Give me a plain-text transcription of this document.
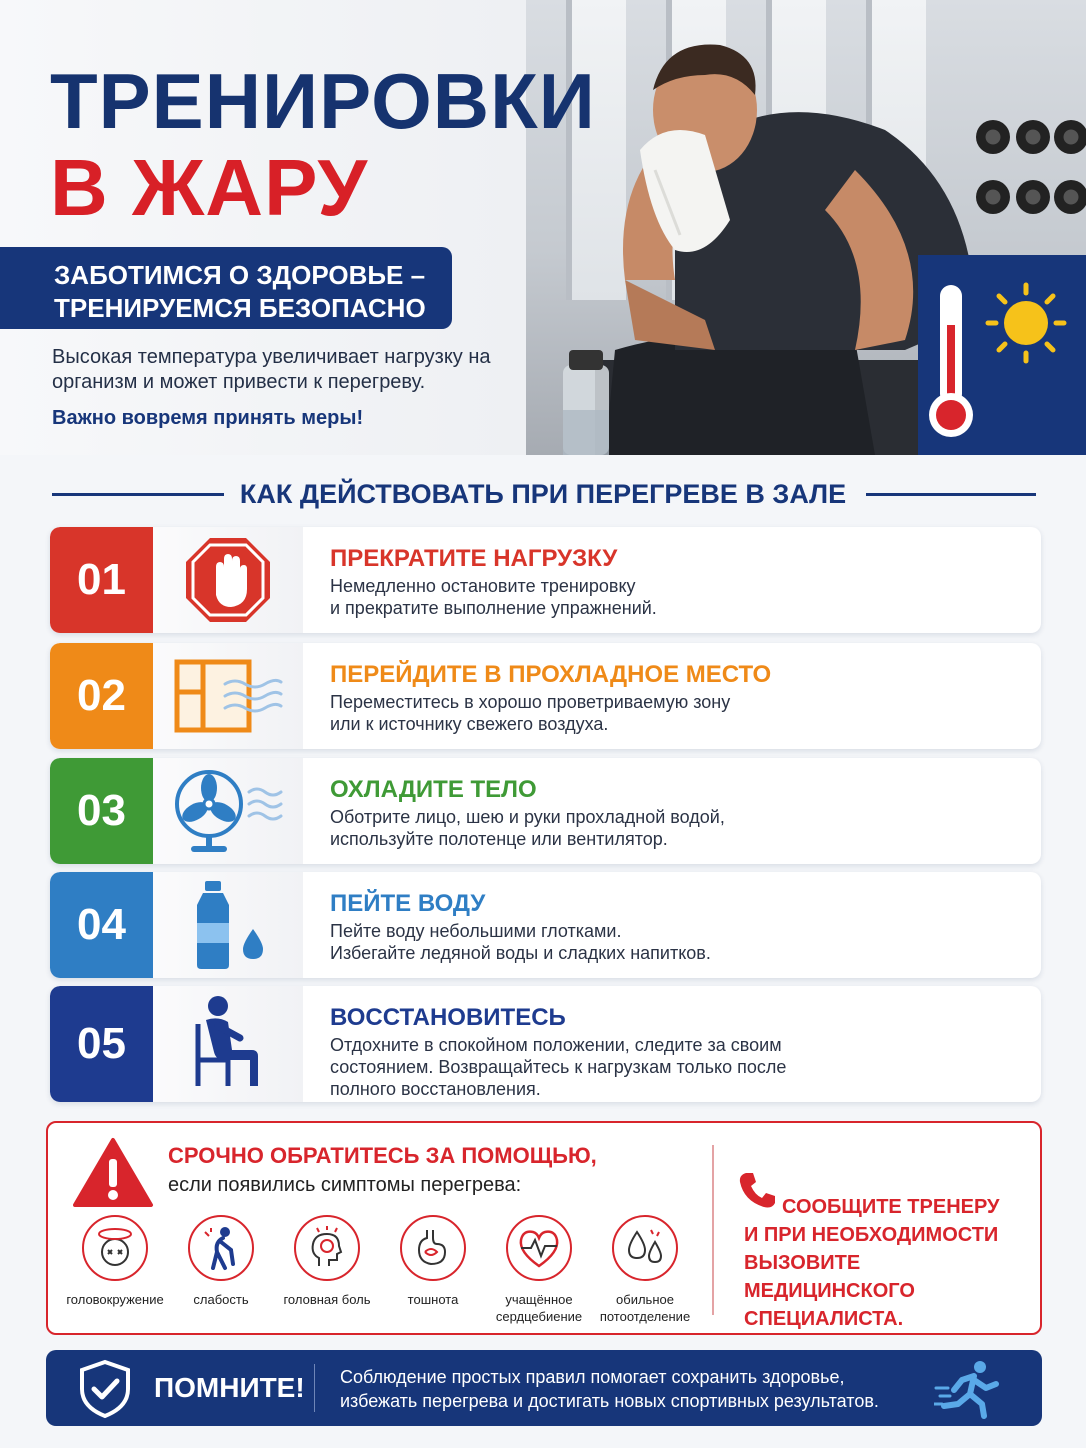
ТРЕНИРОВКИ
В ЖАРУ
ЗАБОТИМСЯ О ЗДОРОВЬЕ –
ТРЕНИРУЕМСЯ БЕЗОПАСНО
Высокая температура увеличивает нагрузку на организм и может привести к перегреву.
Важно вовремя принять меры!
КАК ДЕЙСТВОВАТЬ ПРИ ПЕРЕГРЕВЕ В ЗАЛЕ
01	ПРЕКРАТИТЕ НАГРУЗКУ
Немедленно остановите тренировку
и прекратите выполнение упражнений.
02	ПЕРЕЙДИТЕ В ПРОХЛАДНОЕ МЕСТО
Переместитесь в хорошо проветриваемую зону
или к источнику свежего воздуха.
03	ОХЛАДИТЕ ТЕЛО
Оботрите лицо, шею и руки прохладной водой,
используйте полотенце или вентилятор.
04	ПЕЙТЕ ВОДУ
Пейте воду небольшими глотками.
Избегайте ледяной воды и сладких напитков.
05
ВОССТАНОВИТЕСЬ
Отдохните в спокойном положении, следите за своим
состоянием. Возвращайтесь к нагрузкам только после
полного восстановления.
СРОЧНО ОБРАТИТЕСЬ ЗА ПОМОЩЬЮ,
если появились симптомы перегрева:
головокружение	слабость	головная боль	тошнота	учащённое
сердцебиение
обильное
потоотделение
СООБЩИТЕ ТРЕНЕРУ
И ПРИ НЕОБХОДИМОСТИ
ВЫЗОВИТЕ МЕДИЦИНСКОГО
СПЕЦИАЛИСТА.
ПОМНИТЕ! Соблюдение простых правил помогает сохранить здоровье,
избежать перегрева и достигать новых спортивных результатов.
